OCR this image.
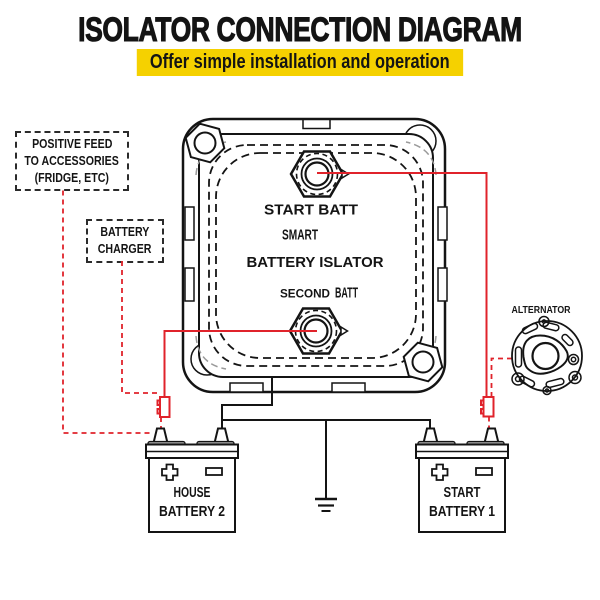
ISOLATOR CONNECTION DIAGRAM
Offer simple installation and operation
POSITIVE FEED
TO ACCESSORIES
(FRIDGE, ETC)
BATTERY
CHARGER
START BATT
SMART
BATTERY ISLATOR
SECOND BATT
HOUSE
BATTERY 2
START
BATTERY 1
ALTERNATOR
